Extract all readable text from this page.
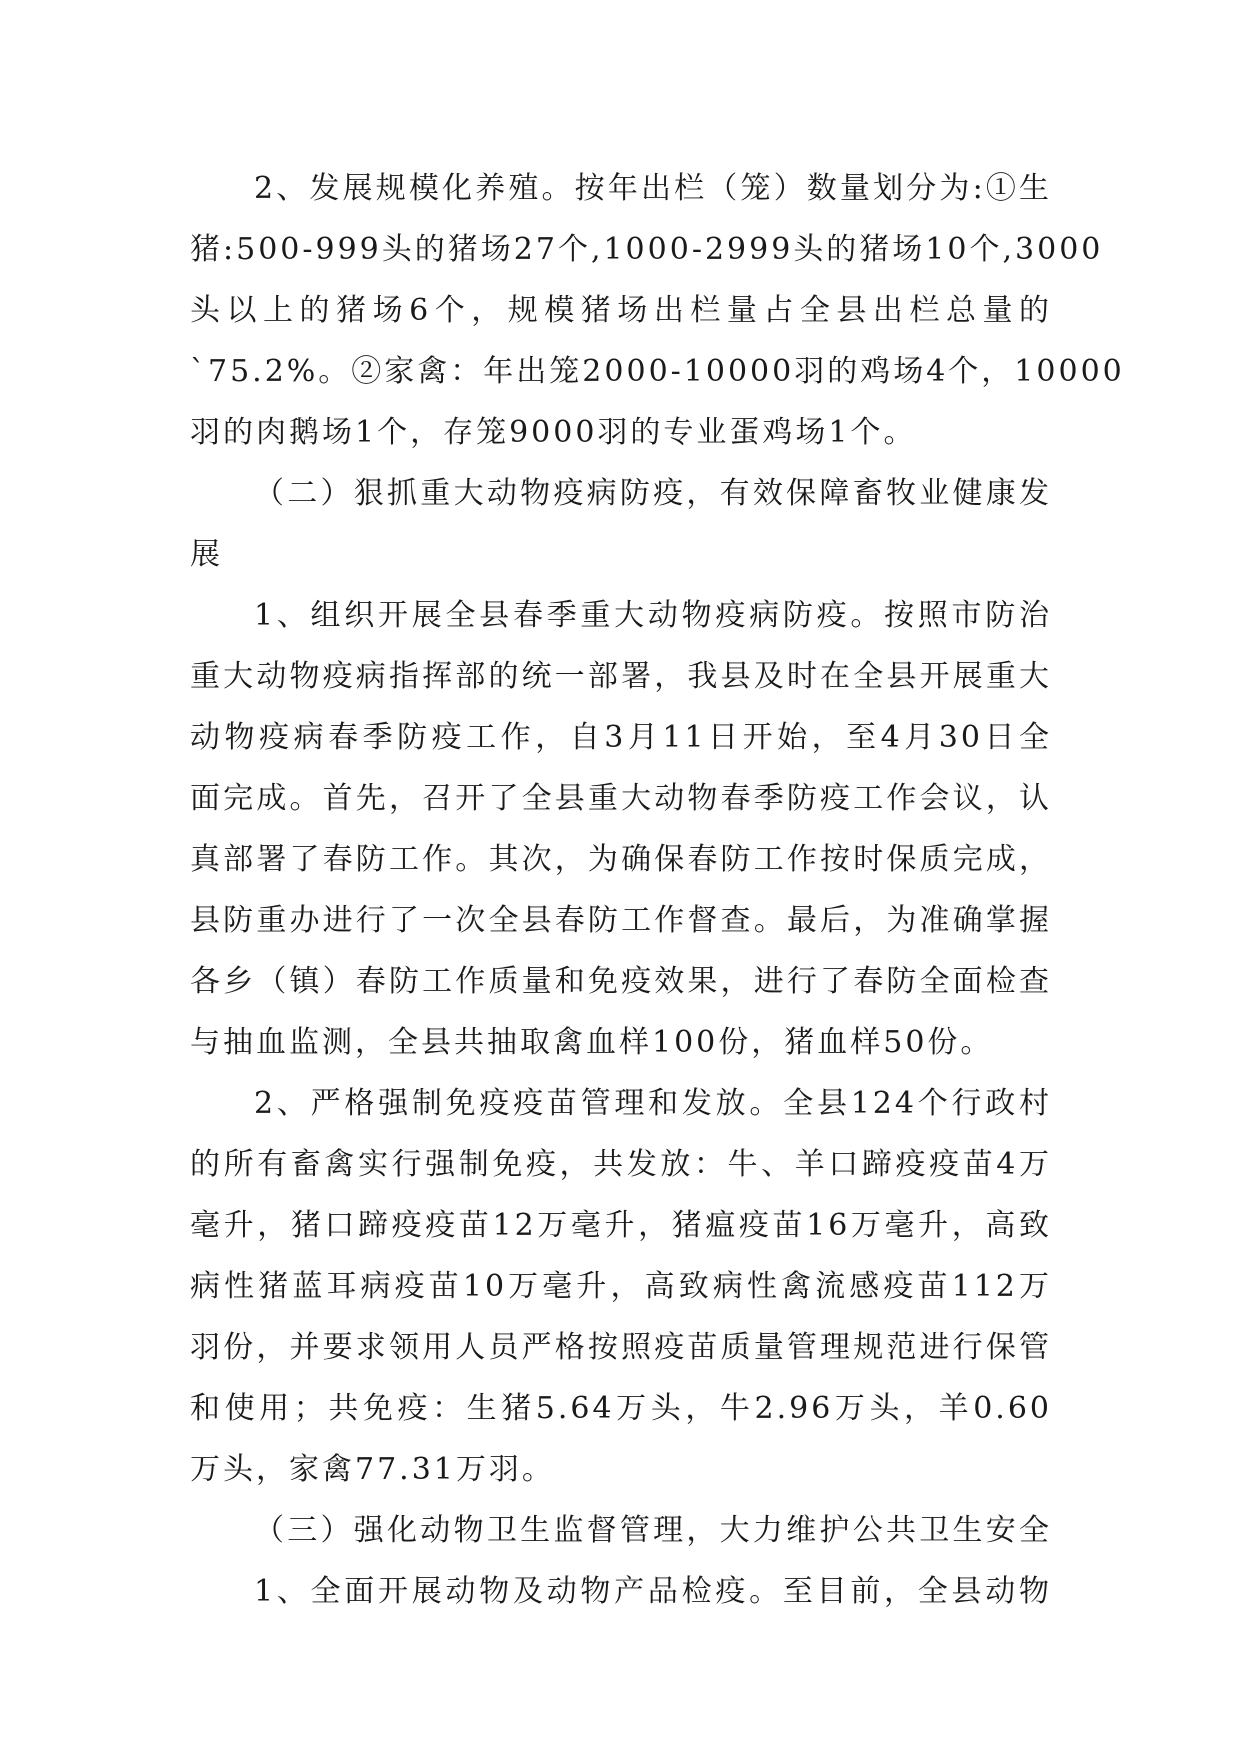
2、发展规模化养殖。按年出栏（笼）数量划分为:①生
猪:500-999头的猪场27个,1000-2999头的猪场10个,3000
头以上的猪场6个，规模猪场出栏量占全县出栏总量的
`75.2%。②家禽：年出笼2000-10000羽的鸡场4个，10000
羽的肉鹅场1个，存笼9000羽的专业蛋鸡场1个。
（二）狠抓重大动物疫病防疫，有效保障畜牧业健康发
展
1、组织开展全县春季重大动物疫病防疫。按照市防治
重大动物疫病指挥部的统一部署，我县及时在全县开展重大
动物疫病春季防疫工作，自3月11日开始，至4月30日全
面完成。首先，召开了全县重大动物春季防疫工作会议，认
真部署了春防工作。其次，为确保春防工作按时保质完成，
县防重办进行了一次全县春防工作督查。最后，为准确掌握
各乡（镇）春防工作质量和免疫效果，进行了春防全面检查
与抽血监测，全县共抽取禽血样100份，猪血样50份。
2、严格强制免疫疫苗管理和发放。全县124个行政村
的所有畜禽实行强制免疫，共发放：牛、羊口蹄疫疫苗4万
毫升，猪口蹄疫疫苗12万毫升，猪瘟疫苗16万毫升，高致
病性猪蓝耳病疫苗10万毫升，高致病性禽流感疫苗112万
羽份，并要求领用人员严格按照疫苗质量管理规范进行保管
和使用；共免疫：生猪5.64万头，牛2.96万头，羊0.60
万头，家禽77.31万羽。
（三）强化动物卫生监督管理，大力维护公共卫生安全
1、全面开展动物及动物产品检疫。至目前，全县动物
